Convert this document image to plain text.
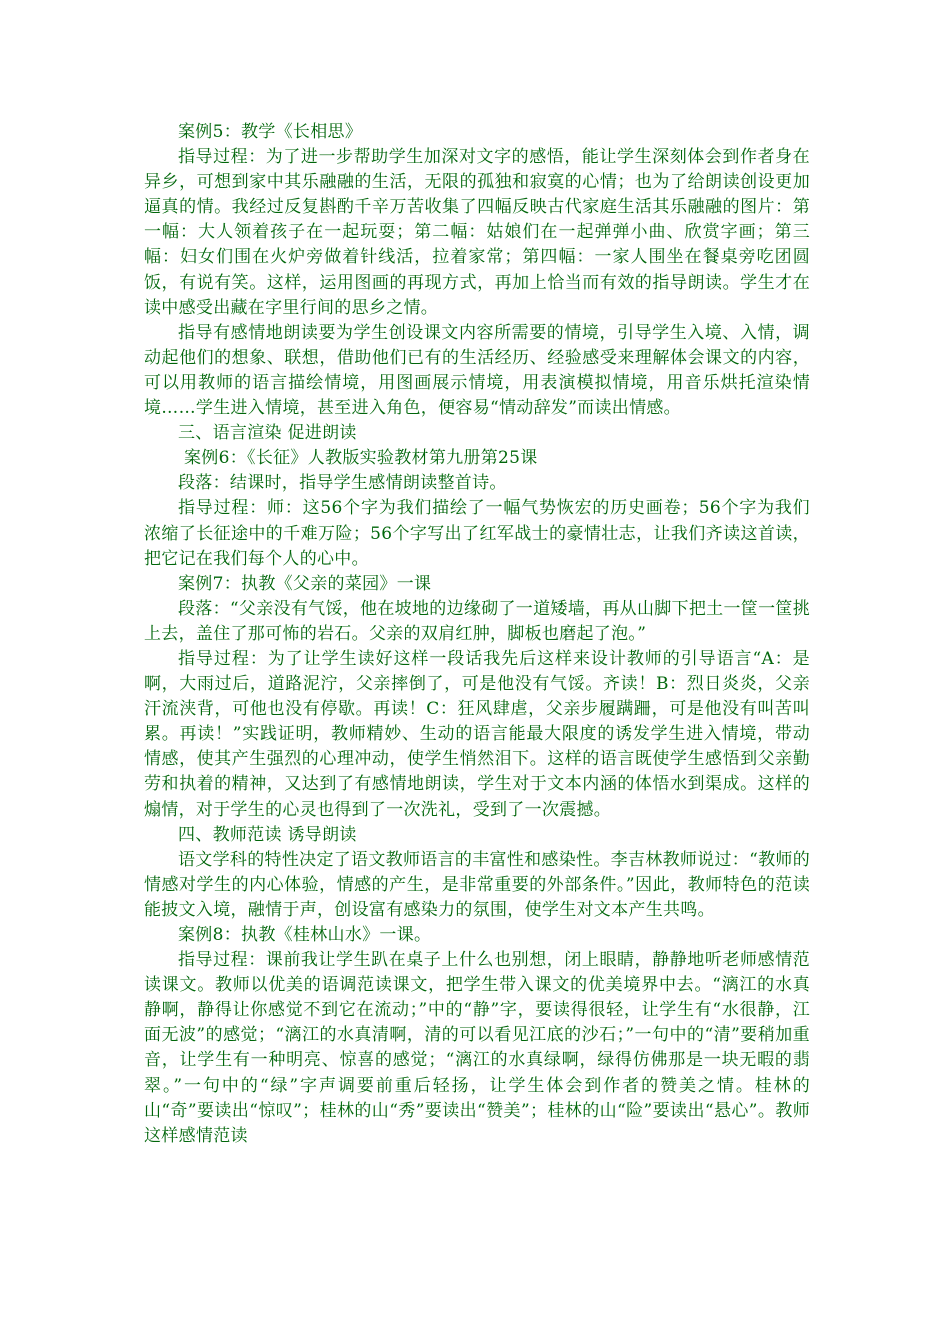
案例5：教学《长相思》

指导过程：为了进一步帮助学生加深对文字的感悟，能让学生深刻体会到作者身在异乡，可想到家中其乐融融的生活，无限的孤独和寂寞的心情；也为了给朗读创设更加逼真的情。我经过反复斟酌千辛万苦收集了四幅反映古代家庭生活其乐融融的图片：第一幅：大人领着孩子在一起玩耍；第二幅：姑娘们在一起弹弹小曲、欣赏字画；第三幅：妇女们围在火炉旁做着针线活，拉着家常；第四幅：一家人围坐在餐桌旁吃团圆饭，有说有笑。这样，运用图画的再现方式，再加上恰当而有效的指导朗读。学生才在读中感受出藏在字里行间的思乡之情。

指导有感情地朗读要为学生创设课文内容所需要的情境，引导学生入境、入情，调动起他们的想象、联想，借助他们已有的生活经历、经验感受来理解体会课文的内容，可以用教师的语言描绘情境，用图画展示情境，用表演模拟情境，用音乐烘托渲染情境……学生进入情境，甚至进入角色，便容易“情动辞发”而读出情感。

三、语言渲染 促进朗读

案例6：《长征》人教版实验教材第九册第25课

段落：结课时，指导学生感情朗读整首诗。

指导过程：师：这56个字为我们描绘了一幅气势恢宏的历史画卷；56个字为我们浓缩了长征途中的千难万险；56个字写出了红军战士的豪情壮志，让我们齐读这首读，把它记在我们每个人的心中。

案例7：执教《父亲的菜园》一课

段落：“父亲没有气馁，他在坡地的边缘砌了一道矮墙，再从山脚下把土一筐一筐挑上去，盖住了那可怖的岩石。父亲的双肩红肿，脚板也磨起了泡。”

指导过程：为了让学生读好这样一段话我先后这样来设计教师的引导语言“A：是啊，大雨过后，道路泥泞，父亲摔倒了，可是他没有气馁。齐读！B：烈日炎炎，父亲汗流浃背，可他也没有停歇。再读！C：狂风肆虐，父亲步履蹒跚，可是他没有叫苦叫累。再读！”实践证明，教师精妙、生动的语言能最大限度的诱发学生进入情境，带动情感，使其产生强烈的心理冲动，使学生悄然泪下。这样的语言既使学生感悟到父亲勤劳和执着的精神，又达到了有感情地朗读，学生对于文本内涵的体悟水到渠成。这样的煽情，对于学生的心灵也得到了一次洗礼，受到了一次震撼。

四、教师范读 诱导朗读

语文学科的特性决定了语文教师语言的丰富性和感染性。李吉林教师说过：“教师的情感对学生的内心体验，情感的产生，是非常重要的外部条件。”因此，教师特色的范读能披文入境，融情于声，创设富有感染力的氛围，使学生对文本产生共鸣。

案例8：执教《桂林山水》一课。

指导过程：课前我让学生趴在桌子上什么也别想，闭上眼睛，静静地听老师感情范读课文。教师以优美的语调范读课文，把学生带入课文的优美境界中去。“漓江的水真静啊，静得让你感觉不到它在流动；”中的“静”字，要读得很轻，让学生有“水很静，江面无波”的感觉；“漓江的水真清啊，清的可以看见江底的沙石；”一句中的“清”要稍加重音，让学生有一种明亮、惊喜的感觉；“漓江的水真绿啊，绿得仿佛那是一块无暇的翡翠。”一句中的“绿”字声调要前重后轻扬，让学生体会到作者的赞美之情。桂林的山“奇”要读出“惊叹”；桂林的山“秀”要读出“赞美”；桂林的山“险”要读出“悬心”。教师这样感情范读
